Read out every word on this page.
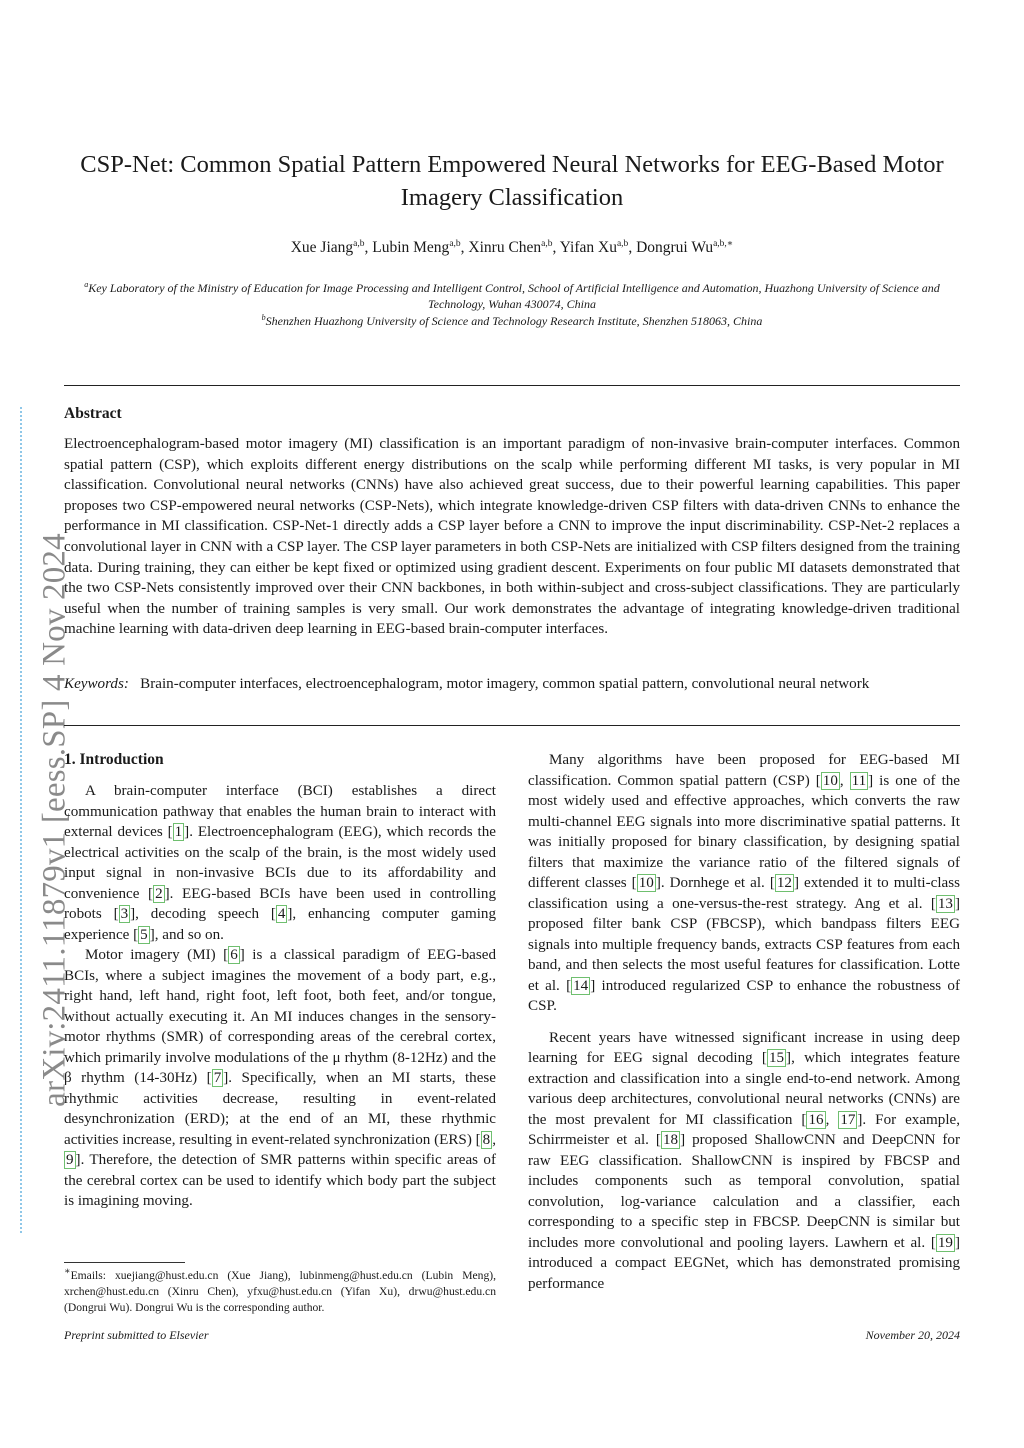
arXiv:2411.11879v1 [eess.SP] 4 Nov 2024
CSP-Net: Common Spatial Pattern Empowered Neural Networks for EEG-Based Motor Imagery Classification
Xue Jiang$^{a,b}$, Lubin Meng$^{a,b}$, Xinru Chen$^{a,b}$, Yifan Xu$^{a,b}$, Dongrui $Wu^{a,b,∗}$
$^a$Key Laboratory of the Ministry of Education for Image Processing and Intelligent Control, School of Artificial Intelligence and Automation, Huazhong University of Science and Technology, Wuhan 430074, China
$^b$Shenzhen Huazhong University of Science and Technology Research Institute, Shenzhen 518063, China
Abstract
Electroencephalogram-based motor imagery (MI) classification is an important paradigm of non-invasive brain-computer interfaces. Common spatial pattern (CSP), which exploits different energy distributions on the scalp while performing different MI tasks, is very popular in MI classification. Convolutional neural networks (CNNs) have also achieved great success, due to their powerful learning capabilities. This paper proposes two CSP-empowered neural networks (CSP-Nets), which integrate knowledge-driven CSP filters with data-driven CNNs to enhance the performance in MI classification. CSP-Net-1 directly adds a CSP layer before a CNN to improve the input discriminability. CSP-Net-2 replaces a convolutional layer in CNN with a CSP layer. The CSP layer parameters in both CSP-Nets are initialized with CSP filters designed from the training data. During training, they can either be kept fixed or optimized using gradient descent. Experiments on four public MI datasets demonstrated that the two CSP-Nets consistently improved over their CNN backbones, in both within-subject and cross-subject classifications. They are particularly useful when the number of training samples is very small. Our work demonstrates the advantage of integrating knowledge-driven traditional machine learning with data-driven deep learning in EEG-based brain-computer interfaces.
Keywords: Brain-computer interfaces, electroencephalogram, motor imagery, common spatial pattern, convolutional neural network
1. Introduction

A brain-computer interface (BCI) establishes a direct communication pathway that enables the human brain to interact with external devices [ 1 ]. Electroencephalogram (EEG), which records the electrical activities on the scalp of the brain, is the most widely used input signal in non-invasive BCIs due to its affordability and convenience [ 2 ]. EEG-based BCIs have been used in controlling robots [ 3 ], decoding speech [ 4 ], enhancing computer gaming experience [ 5 ], and so on.

Motor imagery (MI) [ 6 ] is a classical paradigm of EEG-based BCIs, where a subject imagines the movement of a body part, e.g., right hand, left hand, right foot, left foot, both feet, and/or tongue, without actually executing it. An MI induces changes in the sensory-motor rhythms (SMR) of corresponding areas of the cerebral cortex, which primarily involve modulations of the μ rhythm (8-12Hz) and the β rhythm (14-30Hz) [ 7 ]. Specifically, when an MI starts, these rhythmic activities decrease, resulting in event-related desynchronization (ERD); at the end of an MI, these rhythmic activities increase, resulting in event-related synchronization (ERS) [ 8 , 9 ]. Therefore, the detection of SMR patterns within specific areas of the cerebral cortex can be used to identify which body part the subject is imagining moving.

Many algorithms have been proposed for EEG-based MI classification. Common spatial pattern (CSP) [ 10 , 11 ] is one of the most widely used and effective approaches, which converts the raw multi-channel EEG signals into more discriminative spatial patterns. It was initially proposed for binary classification, by designing spatial filters that maximize the variance ratio of the filtered signals of different classes [ 10 ]. Dornhege et al. [ 12 ] extended it to multi-class classification using a one-versus-the-rest strategy. Ang et al. [ 13 ] proposed filter bank CSP (FBCSP), which bandpass filters EEG signals into multiple frequency bands, extracts CSP features from each band, and then selects the most useful features for classification. Lotte et al. [ 14 ] introduced regularized CSP to enhance the robustness of CSP.

Recent years have witnessed significant increase in using deep learning for EEG signal decoding [ 15 ], which integrates feature extraction and classification into a single end-to-end network. Among various deep architectures, convolutional neural networks (CNNs) are the most prevalent for MI classification [ 16 , 17 ]. For example, Schirrmeister et al. [ 18 ] proposed ShallowCNN and DeepCNN for raw EEG classification. ShallowCNN is inspired by FBCSP and includes components such as temporal convolution, spatial convolution, log-variance calculation and a classifier, each corresponding to a specific step in FBCSP. DeepCNN is similar but includes more convolutional and pooling layers. Lawhern et al. [ 19 ] introduced a compact EEGNet, which has demonstrated promising performance

∗Emails: xuejiang@hust.edu.cn (Xue Jiang), lubinmeng@hust.edu.cn (Lubin Meng), xrchen@hust.edu.cn (Xinru Chen), yfxu@hust.edu.cn (Yifan Xu), drwu@hust.edu.cn (Dongrui Wu). Dongrui Wu is the corresponding author.
Preprint submitted to Elsevier	November 20, 2024
